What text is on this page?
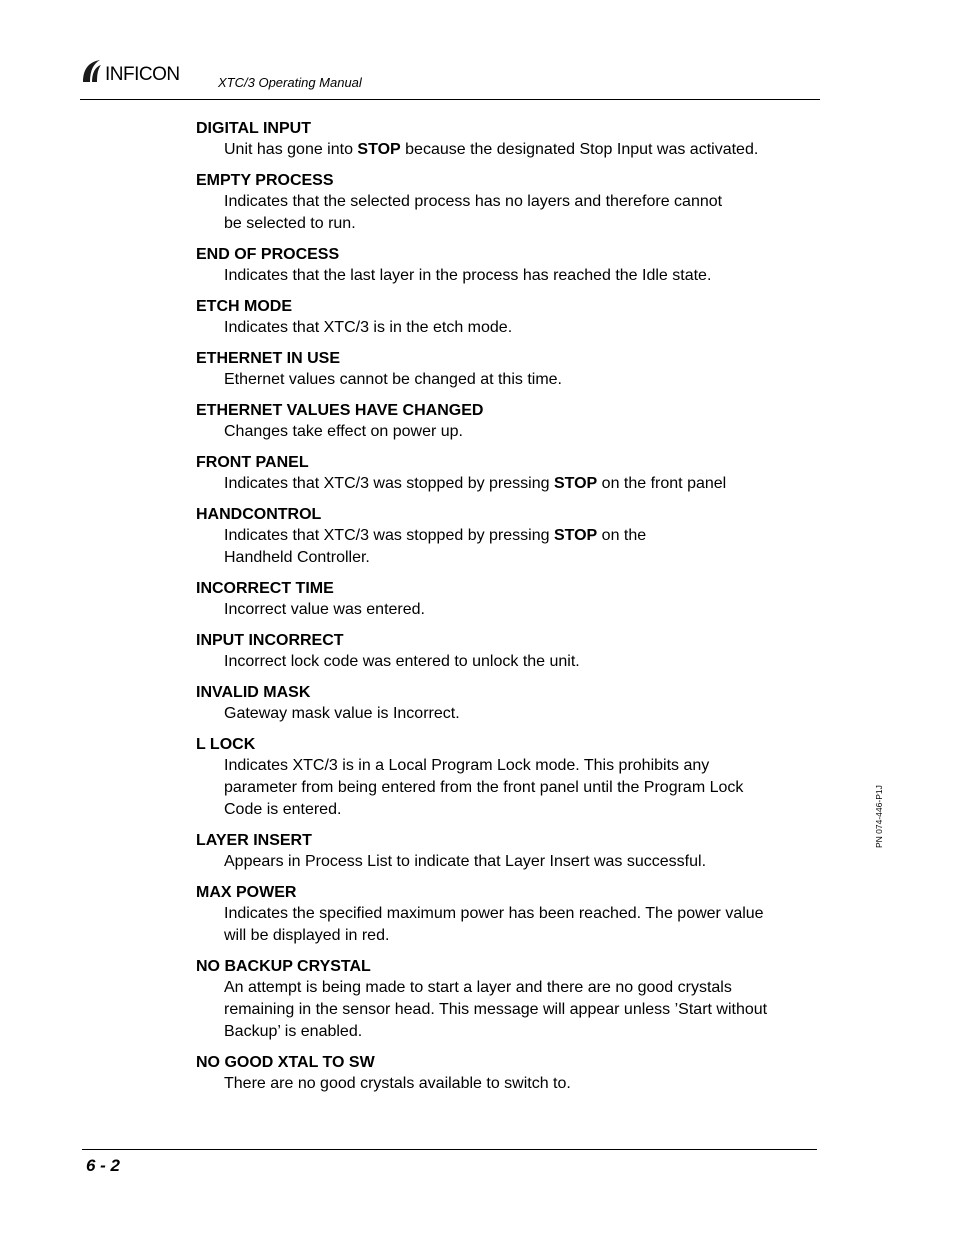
INFICON	XTC/3 Operating Manual
DIGITAL INPUT
Unit has gone into STOP because the designated Stop Input was activated.
EMPTY PROCESS
Indicates that the selected process has no layers and therefore cannot
be selected to run.
END OF PROCESS
Indicates that the last layer in the process has reached the Idle state.
ETCH MODE
Indicates that XTC/3 is in the etch mode.
ETHERNET IN USE
Ethernet values cannot be changed at this time.
ETHERNET VALUES HAVE CHANGED
Changes take effect on power up.
FRONT PANEL
Indicates that XTC/3 was stopped by pressing STOP on the front panel
HANDCONTROL
Indicates that XTC/3 was stopped by pressing STOP on the
Handheld Controller.
INCORRECT TIME
Incorrect value was entered.
INPUT INCORRECT
Incorrect lock code was entered to unlock the unit.
INVALID MASK
Gateway mask value is Incorrect.
L LOCK
Indicates XTC/3 is in a Local Program Lock mode. This prohibits any
parameter from being entered from the front panel until the Program Lock
Code is entered.
LAYER INSERT
Appears in Process List to indicate that Layer Insert was successful.
MAX POWER
Indicates the specified maximum power has been reached. The power value
will be displayed in red.
NO BACKUP CRYSTAL
An attempt is being made to start a layer and there are no good crystals
remaining in the sensor head. This message will appear unless ’Start without
Backup’ is enabled.
NO GOOD XTAL TO SW
There are no good crystals available to switch to.
PN 074-446-P1J
6 - 2
